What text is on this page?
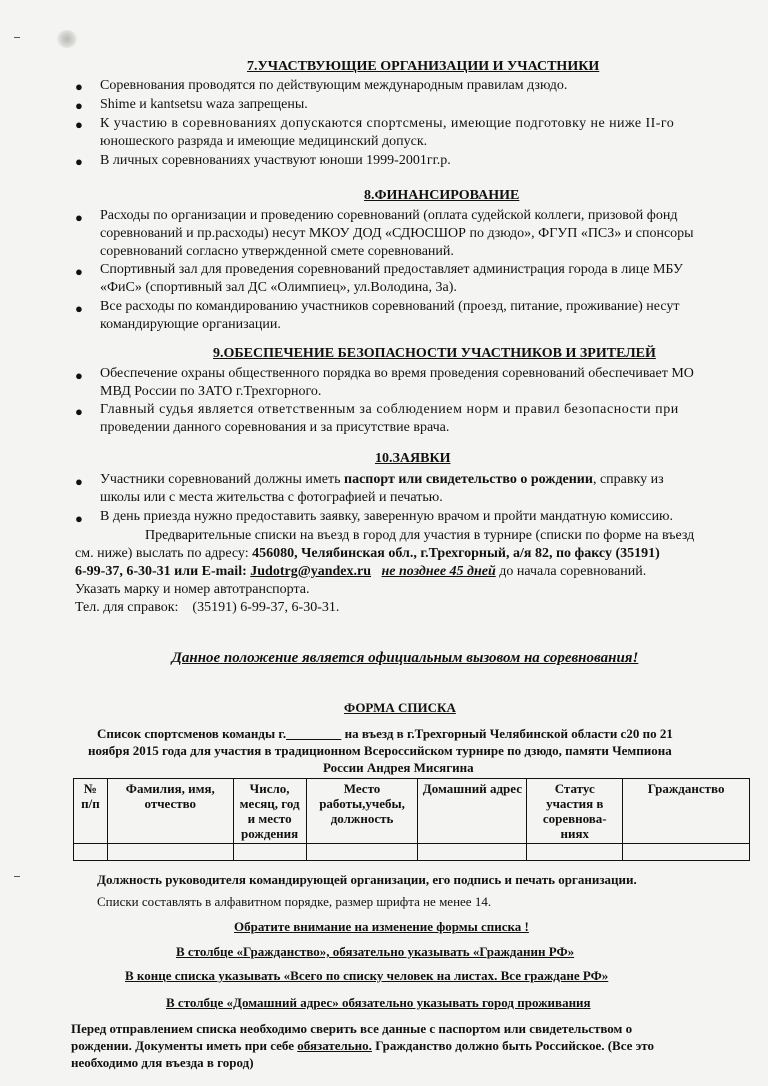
7.УЧАСТВУЮЩИЕ ОРГАНИЗАЦИИ И УЧАСТНИКИ
● Соревнования проводятся по действующим международным правилам дзюдо.
● Shime и kantsetsu waza запрещены.
● К участию в соревнованиях допускаются спортсмены, имеющие подготовку не ниже II-го
юношеского разряда и имеющие медицинский допуск.
● В личных соревнованиях участвуют юноши 1999-2001гг.р.
8.ФИНАНСИРОВАНИЕ
● Расходы по организации и проведению соревнований (оплата судейской коллеги, призовой фонд
соревнований и пр.расходы) несут МКОУ ДОД «СДЮСШОР по дзюдо», ФГУП «ПСЗ» и спонсоры
соревнований согласно утвержденной смете соревнований.
● Спортивный зал для проведения соревнований предоставляет администрация города в лице МБУ
«ФиС» (спортивный зал ДС «Олимпиец», ул.Володина, 3а).
● Все расходы по командированию участников соревнований (проезд, питание, проживание) несут
командирующие организации.
9.ОБЕСПЕЧЕНИЕ БЕЗОПАСНОСТИ УЧАСТНИКОВ И ЗРИТЕЛЕЙ
● Обеспечение охраны общественного порядка во время проведения соревнований обеспечивает МО
МВД России по ЗАТО г.Трехгорного.
● Главный судья является ответственным за соблюдением норм и правил безопасности при
проведении данного соревнования и за присутствие врача.
10.ЗАЯВКИ
● Участники соревнований должны иметь паспорт или свидетельство о рождении, справку из
школы или с места жительства с фотографией и печатью.
● В день приезда нужно предоставить заявку, заверенную врачом и пройти мандатную комиссию.
Предварительные списки на въезд в город для участия в турнире (списки по форме на въезд
см. ниже) выслать по адресу: 456080, Челябинская обл., г.Трехгорный, а/я 82, по факсу (35191)
6-99-37, 6-30-31 или E-mail: Judotrg@yandex.ru не позднее 45 дней до начала соревнований.
Указать марку и номер автотранспорта.
Тел. для справок: (35191) 6-99-37, 6-30-31.
Данное положение является официальным вызовом на соревнования!
ФОРМА СПИСКА
Список спортсменов команды г.	на въезд в г.Трехгорный Челябинской области с20 по 21
ноября 2015 года для участия в традиционном Всероссийском турнире по дзюдо, памяти Чемпиона
России Андрея Мисягина
№ п/п	Фамилия, имя, отчество	Число, месяц, год и место рождения	Место работы,учебы, должность	Домашний адрес	Статус участия в соревнова-ниях	Гражданство

Должность руководителя командирующей организации, его подпись и печать организации.
Списки составлять в алфавитном порядке, размер шрифта не менее 14.
Обратите внимание на изменение формы списка !
В столбце «Гражданство», обязательно указывать «Гражданин РФ»
В конце списка указывать «Всего по списку человек на листах. Все граждане РФ»
В столбце «Домашний адрес» обязательно указывать город проживания
Перед отправлением списка необходимо сверить все данные с паспортом или свидетельством о
рождении. Документы иметь при себе обязательно. Гражданство должно быть Российское. (Все это
необходимо для въезда в город)
